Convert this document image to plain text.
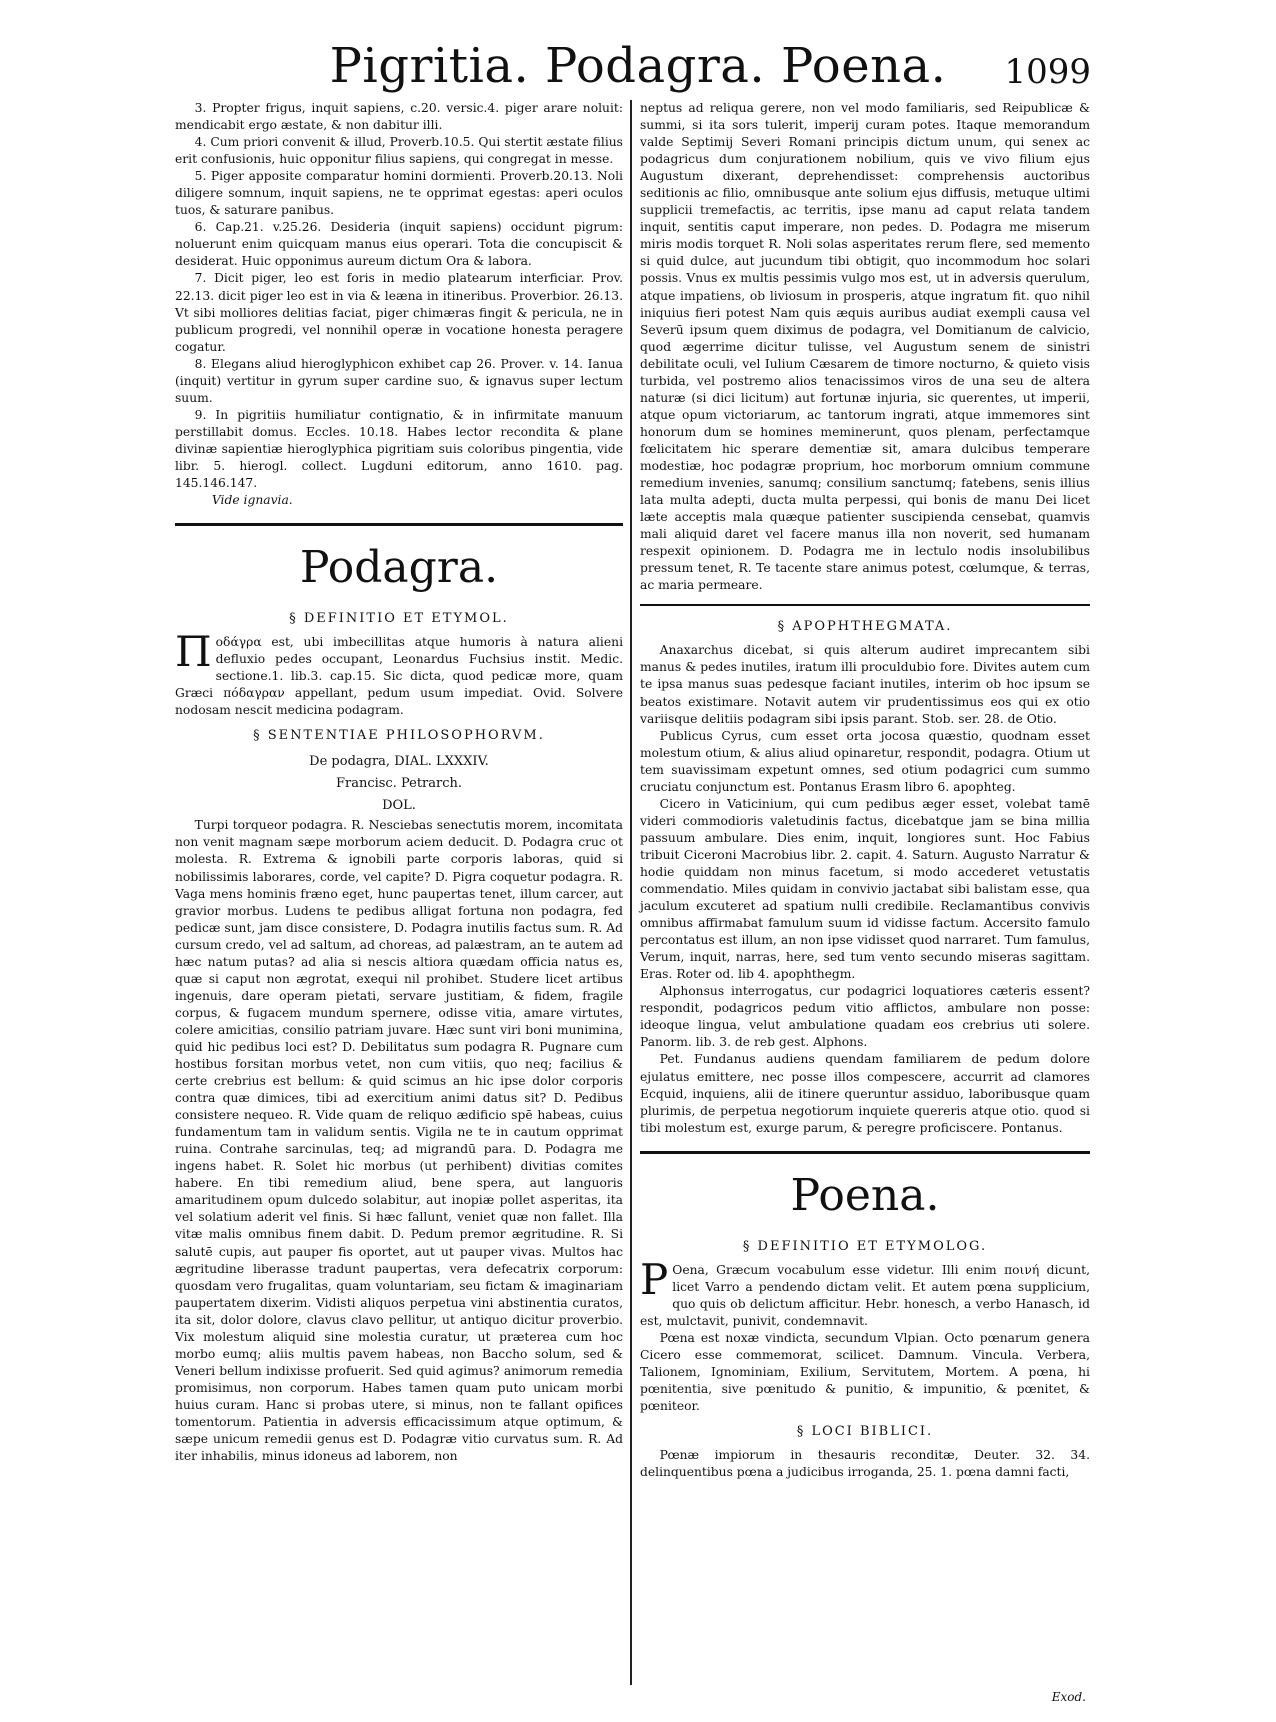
Pigritia. Podagra. Poena.	1099

3. Propter frigus, inquit sapiens, c.20. versic.4. piger arare noluit: mendicabit ergo æstate, & non dabitur illi.

4. Cum priori convenit & illud, Proverb.10.5. Qui stertit æstate filius erit confusionis, huic opponitur filius sapiens, qui congregat in messe.

5. Piger apposite comparatur homini dormienti. Proverb.20.13. Noli diligere somnum, inquit sapiens, ne te opprimat egestas: aperi oculos tuos, & saturare panibus.

6. Cap.21. v.25.26. Desideria (inquit sapiens) occidunt pigrum: noluerunt enim quicquam manus eius operari. Tota die concupiscit & desiderat. Huic opponimus aureum dictum Ora & labora.

7. Dicit piger, leo est foris in medio platearum interficiar. Prov. 22.13. dicit piger leo est in via & leæna in itineribus. Proverbior. 26.13. Vt sibi molliores delitias faciat, piger chimæras fingit & pericula, ne in publicum progredi, vel nonnihil operæ in vocatione honesta peragere cogatur.

8. Elegans aliud hieroglyphicon exhibet cap 26. Prover. v. 14. Ianua (inquit) vertitur in gyrum super cardine suo, & ignavus super lectum suum.

9. In pigritiis humiliatur contignatio, & in infirmitate manuum perstillabit domus. Eccles. 10.18. Habes lector recondita & plane divinæ sapientiæ hieroglyphica pigritiam suis coloribus pingentia, vide libr. 5. hierogl. collect. Lugduni editorum, anno 1610. pag. 145.146.147.

Vide ignavia.

Podagra.
§ DEFINITIO ET ETYMOL.

Ποδάγρα est, ubi imbecillitas atque humoris à natura alieni defluxio pedes occupant, Leonardus Fuchsius instit. Medic. sectione.1. lib.3. cap.15. Sic dicta, quod pedicæ more, quam Græci πόδαγραν appellant, pedum usum impediat. Ovid. Solvere nodosam nescit medicina podagram.

§ SENTENTIAE PHILOSOPHORVM.
De podagra, DIAL. LXXXIV.
Francisc. Petrarch.
DOL.

Turpi torqueor podagra. R. Nesciebas senectutis morem, incomitata non venit magnam sæpe morborum aciem deducit. D. Podagra cruc ot molesta. R. Extrema & ignobili parte corporis laboras, quid si nobilissimis laborares, corde, vel capite? D. Pigra coquetur podagra. R. Vaga mens hominis fræno eget, hunc paupertas tenet, illum carcer, aut gravior morbus. Ludens te pedibus alligat fortuna non podagra, fed pedicæ sunt, jam disce consistere, D. Podagra inutilis factus sum. R. Ad cursum credo, vel ad saltum, ad choreas, ad palæstram, an te autem ad hæc natum putas? ad alia si nescis altiora quædam officia natus es, quæ si caput non ægrotat, exequi nil prohibet. Studere licet artibus ingenuis, dare operam pietati, servare justitiam, & fidem, fragile corpus, & fugacem mundum spernere, odisse vitia, amare virtutes, colere amicitias, consilio patriam juvare. Hæc sunt viri boni munimina, quid hic pedibus loci est? D. Debilitatus sum podagra R. Pugnare cum hostibus forsitan morbus vetet, non cum vitiis, quo neq; facilius & certe crebrius est bellum: & quid scimus an hic ipse dolor corporis contra quæ dimices, tibi ad exercitium animi datus sit? D. Pedibus consistere nequeo. R. Vide quam de reliquo ædificio spē habeas, cuius fundamentum tam in validum sentis. Vigila ne te in cautum opprimat ruina. Contrahe sarcinulas, teq; ad migrandū para. D. Podagra me ingens habet. R. Solet hic morbus (ut perhibent) divitias comites habere. En tibi remedium aliud, bene spera, aut languoris amaritudinem opum dulcedo solabitur, aut inopiæ pollet asperitas, ita vel solatium aderit vel finis. Si hæc fallunt, veniet quæ non fallet. Illa vitæ malis omnibus finem dabit. D. Pedum premor ægritudine. R. Si salutē cupis, aut pauper fis oportet, aut ut pauper vivas. Multos hac ægritudine liberasse tradunt paupertas, vera defecatrix corporum: quosdam vero frugalitas, quam voluntariam, seu fictam & imaginariam paupertatem dixerim. Vidisti aliquos perpetua vini abstinentia curatos, ita sit, dolor dolore, clavus clavo pellitur, ut antiquo dicitur proverbio. Vix molestum aliquid sine molestia curatur, ut præterea cum hoc morbo eumq; aliis multis pavem habeas, non Baccho solum, sed & Veneri bellum indixisse profuerit. Sed quid agimus? animorum remedia promisimus, non corporum. Habes tamen quam puto unicam morbi huius curam. Hanc si probas utere, si minus, non te fallant opifices tomentorum. Patientia in adversis efficacissimum atque optimum, & sæpe unicum remedii genus est D. Podagræ vitio curvatus sum. R. Ad iter inhabilis, minus idoneus ad laborem, non

neptus ad reliqua gerere, non vel modo familiaris, sed Reipublicæ & summi, si ita sors tulerit, imperij curam potes. Itaque memorandum valde Septimij Severi Romani principis dictum unum, qui senex ac podagricus dum conjurationem nobilium, quis ve vivo filium ejus Augustum dixerant, deprehendisset: comprehensis auctoribus seditionis ac filio, omnibusque ante solium ejus diffusis, metuque ultimi supplicii tremefactis, ac territis, ipse manu ad caput relata tandem inquit, sentitis caput imperare, non pedes. D. Podagra me miserum miris modis torquet R. Noli solas asperitates rerum flere, sed memento si quid dulce, aut jucundum tibi obtigit, quo incommodum hoc solari possis. Vnus ex multis pessimis vulgo mos est, ut in adversis querulum, atque impatiens, ob liviosum in prosperis, atque ingratum fit. quo nihil iniquius fieri potest Nam quis æquis auribus audiat exempli causa vel Severū ipsum quem diximus de podagra, vel Domitianum de calvicio, quod ægerrime dicitur tulisse, vel Augustum senem de sinistri debilitate oculi, vel Iulium Cæsarem de timore nocturno, & quieto visis turbida, vel postremo alios tenacissimos viros de una seu de altera naturæ (si dici licitum) aut fortunæ injuria, sic querentes, ut imperii, atque opum victoriarum, ac tantorum ingrati, atque immemores sint honorum dum se homines meminerunt, quos plenam, perfectamque fœlicitatem hic sperare dementiæ sit, amara dulcibus temperare modestiæ, hoc podagræ proprium, hoc morborum omnium commune remedium invenies, sanumq; consilium sanctumq; fatebens, senis illius lata multa adepti, ducta multa perpessi, qui bonis de manu Dei licet læte acceptis mala quæque patienter suscipienda censebat, quamvis mali aliquid daret vel facere manus illa non noverit, sed humanam respexit opinionem. D. Podagra me in lectulo nodis insolubilibus pressum tenet, R. Te tacente stare animus potest, cœlumque, & terras, ac maria permeare.

§ APOPHTHEGMATA.

Anaxarchus dicebat, si quis alterum audiret imprecantem sibi manus & pedes inutiles, iratum illi proculdubio fore. Divites autem cum te ipsa manus suas pedesque faciant inutiles, interim ob hoc ipsum se beatos existimare. Notavit autem vir prudentissimus eos qui ex otio variisque delitiis podagram sibi ipsis parant. Stob. ser. 28. de Otio.

Publicus Cyrus, cum esset orta jocosa quæstio, quodnam esset molestum otium, & alius aliud opinaretur, respondit, podagra. Otium ut tem suavissimam expetunt omnes, sed otium podagrici cum summo cruciatu conjunctum est. Pontanus Erasm libro 6. apophteg.

Cicero in Vaticinium, qui cum pedibus æger esset, volebat tamē videri commodioris valetudinis factus, dicebatque jam se bina millia passuum ambulare. Dies enim, inquit, longiores sunt. Hoc Fabius tribuit Ciceroni Macrobius libr. 2. capit. 4. Saturn. Augusto Narratur & hodie quiddam non minus facetum, si modo accederet vetustatis commendatio. Miles quidam in convivio jactabat sibi balistam esse, qua jaculum excuteret ad spatium nulli credibile. Reclamantibus convivis omnibus affirmabat famulum suum id vidisse factum. Accersito famulo percontatus est illum, an non ipse vidisset quod narraret. Tum famulus, Verum, inquit, narras, here, sed tum vento secundo miseras sagittam. Eras. Roter od. lib 4. apophthegm.

Alphonsus interrogatus, cur podagrici loquatiores cæteris essent? respondit, podagricos pedum vitio afflictos, ambulare non posse: ideoque lingua, velut ambulatione quadam eos crebrius uti solere. Panorm. lib. 3. de reb gest. Alphons.

Pet. Fundanus audiens quendam familiarem de pedum dolore ejulatus emittere, nec posse illos compescere, accurrit ad clamores Ecquid, inquiens, alii de itinere queruntur assiduo, laboribusque quam plurimis, de perpetua negotiorum inquiete quereris atque otio. quod si tibi molestum est, exurge parum, & peregre proficiscere. Pontanus.

Poena.
§ DEFINITIO ET ETYMOLOG.

POena, Græcum vocabulum esse videtur. Illi enim ποινή dicunt, licet Varro a pendendo dictam velit. Et autem pœna supplicium, quo quis ob delictum afficitur. Hebr. honesch, a verbo Hanasch, id est, mulctavit, punivit, condemnavit.

Pœna est noxæ vindicta, secundum Vlpian. Octo pœnarum genera Cicero esse commemorat, scilicet. Damnum. Vincula. Verbera, Talionem, Ignominiam, Exilium, Servitutem, Mortem. A pœna, hi pœnitentia, sive pœnitudo & punitio, & impunitio, & pœnitet, & pœniteor.

§ LOCI BIBLICI.

Pœnæ impiorum in thesauris reconditæ, Deuter. 32. 34. delinquentibus pœna a judicibus irroganda, 25. 1. pœna damni facti,

Exod.
